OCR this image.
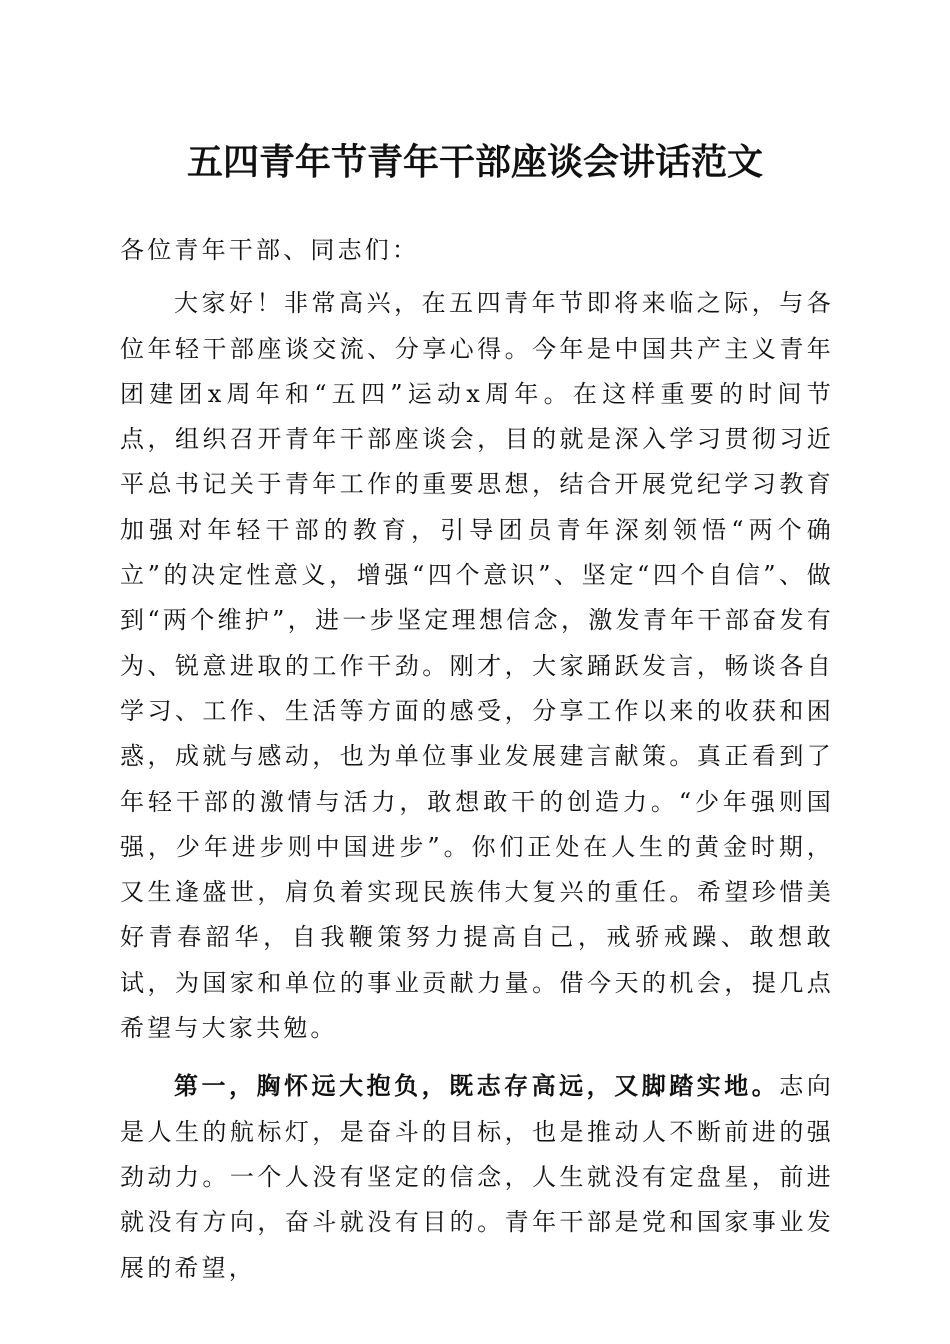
五四青年节青年干部座谈会讲话范文

各位青年干部、同志们：

大家好！非常高兴，在五四青年节即将来临之际，与各位年轻干部座谈交流、分享心得。今年是中国共产主义青年团建团x周年和“五四”运动x周年。在这样重要的时间节点，组织召开青年干部座谈会，目的就是深入学习贯彻习近平总书记关于青年工作的重要思想，结合开展党纪学习教育加强对年轻干部的教育，引导团员青年深刻领悟“两个确立”的决定性意义，增强“四个意识”、坚定“四个自信”、做到“两个维护”，进一步坚定理想信念，激发青年干部奋发有为、锐意进取的工作干劲。刚才，大家踊跃发言，畅谈各自学习、工作、生活等方面的感受，分享工作以来的收获和困惑，成就与感动，也为单位事业发展建言献策。真正看到了年轻干部的激情与活力，敢想敢干的创造力。“少年强则国强，少年进步则中国进步”。你们正处在人生的黄金时期，又生逢盛世，肩负着实现民族伟大复兴的重任。希望珍惜美好青春韶华，自我鞭策努力提高自己，戒骄戒躁、敢想敢试，为国家和单位的事业贡献力量。借今天的机会，提几点希望与大家共勉。

第一，胸怀远大抱负，既志存高远，又脚踏实地。志向是人生的航标灯，是奋斗的目标，也是推动人不断前进的强劲动力。一个人没有坚定的信念，人生就没有定盘星，前进就没有方向，奋斗就没有目的。青年干部是党和国家事业发展的希望，
